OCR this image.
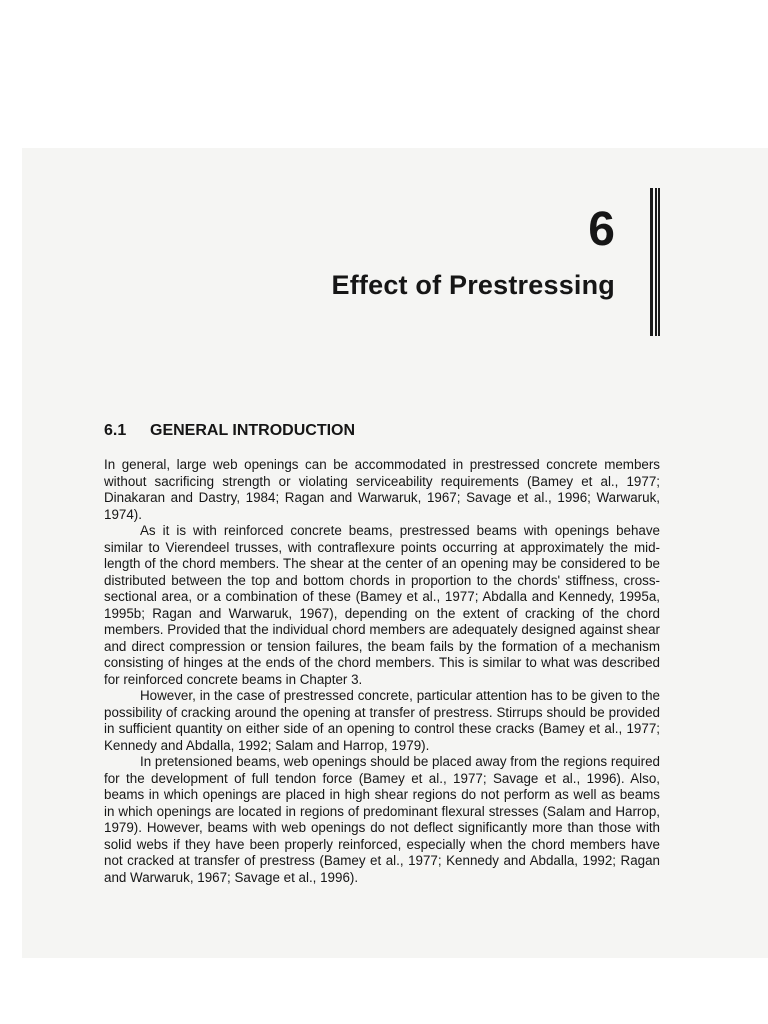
6
Effect of Prestressing
6.1 GENERAL INTRODUCTION

In general, large web openings can be accommodated in prestressed concrete members without sacrificing strength or violating serviceability requirements (Bamey et al., 1977; Dinakaran and Dastry, 1984; Ragan and Warwaruk, 1967; Savage et al., 1996; Warwaruk, 1974).

As it is with reinforced concrete beams, prestressed beams with openings behave similar to Vierendeel trusses, with contraflexure points occurring at approximately the mid-length of the chord members. The shear at the center of an opening may be considered to be distributed between the top and bottom chords in proportion to the chords' stiffness, cross-sectional area, or a combination of these (Bamey et al., 1977; Abdalla and Kennedy, 1995a, 1995b; Ragan and Warwaruk, 1967), depending on the extent of cracking of the chord members. Provided that the individual chord members are adequately designed against shear and direct compression or tension failures, the beam fails by the formation of a mechanism consisting of hinges at the ends of the chord members. This is similar to what was described for reinforced concrete beams in Chapter 3.

However, in the case of prestressed concrete, particular attention has to be given to the possibility of cracking around the opening at transfer of prestress. Stirrups should be provided in sufficient quantity on either side of an opening to control these cracks (Bamey et al., 1977; Kennedy and Abdalla, 1992; Salam and Harrop, 1979).

In pretensioned beams, web openings should be placed away from the regions required for the development of full tendon force (Bamey et al., 1977; Savage et al., 1996). Also, beams in which openings are placed in high shear regions do not perform as well as beams in which openings are located in regions of predominant flexural stresses (Salam and Harrop, 1979). However, beams with web openings do not deflect significantly more than those with solid webs if they have been properly reinforced, especially when the chord members have not cracked at transfer of prestress (Bamey et al., 1977; Kennedy and Abdalla, 1992; Ragan and Warwaruk, 1967; Savage et al., 1996).
